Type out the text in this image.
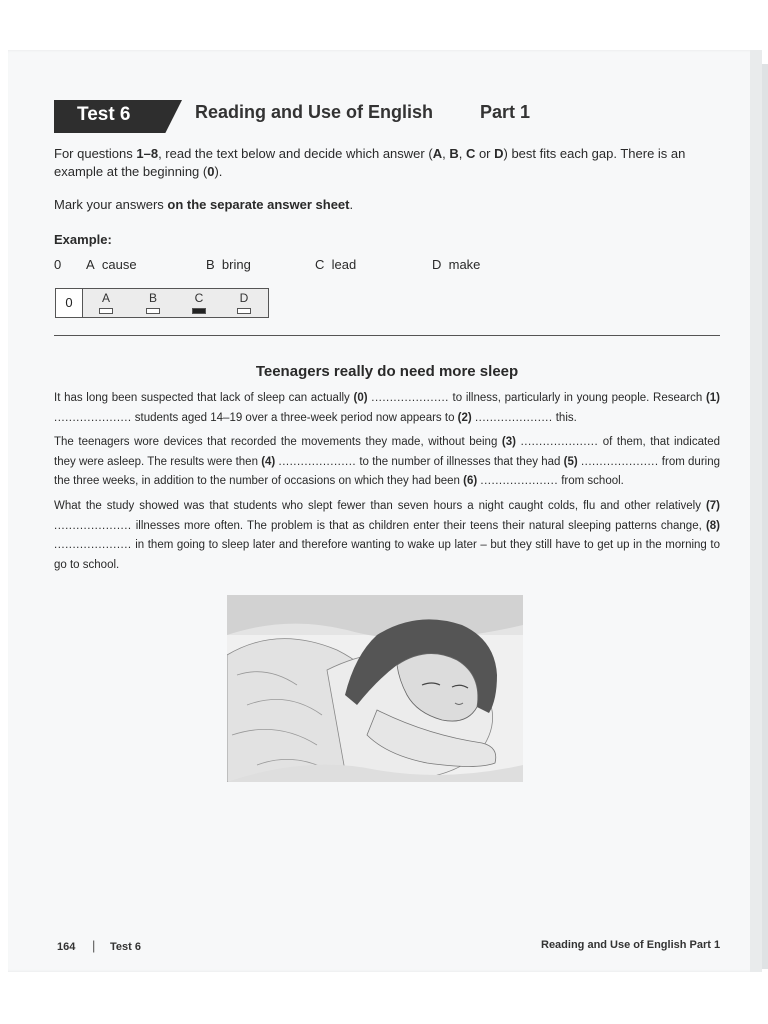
Test 6	Reading and Use of English	Part 1
For questions 1–8, read the text below and decide which answer (A, B, C or D) best fits each gap. There is an example at the beginning (0).
Mark your answers on the separate answer sheet.
Example:
0 A cause	B bring	C lead	D make
0	A	B	C	D
Teenagers really do need more sleep
It has long been suspected that lack of sleep can actually (0) ..................... to illness, particularly in young people. Research (1) ..................... students aged 14–19 over a three-week period now appears to (2) ..................... this.
The teenagers wore devices that recorded the movements they made, without being (3) ..................... of them, that indicated they were asleep. The results were then (4) ..................... to the number of illnesses that they had (5) ..................... from during the three weeks, in addition to the number of occasions on which they had been (6) ..................... from school.
What the study showed was that students who slept fewer than seven hours a night caught colds, flu and other relatively (7) ..................... illnesses more often. The problem is that as children enter their teens their natural sleeping patterns change, (8) ..................... in them going to sleep later and therefore wanting to wake up later – but they still have to get up in the morning to go to school.
164 | Test 6	Reading and Use of English Part 1
